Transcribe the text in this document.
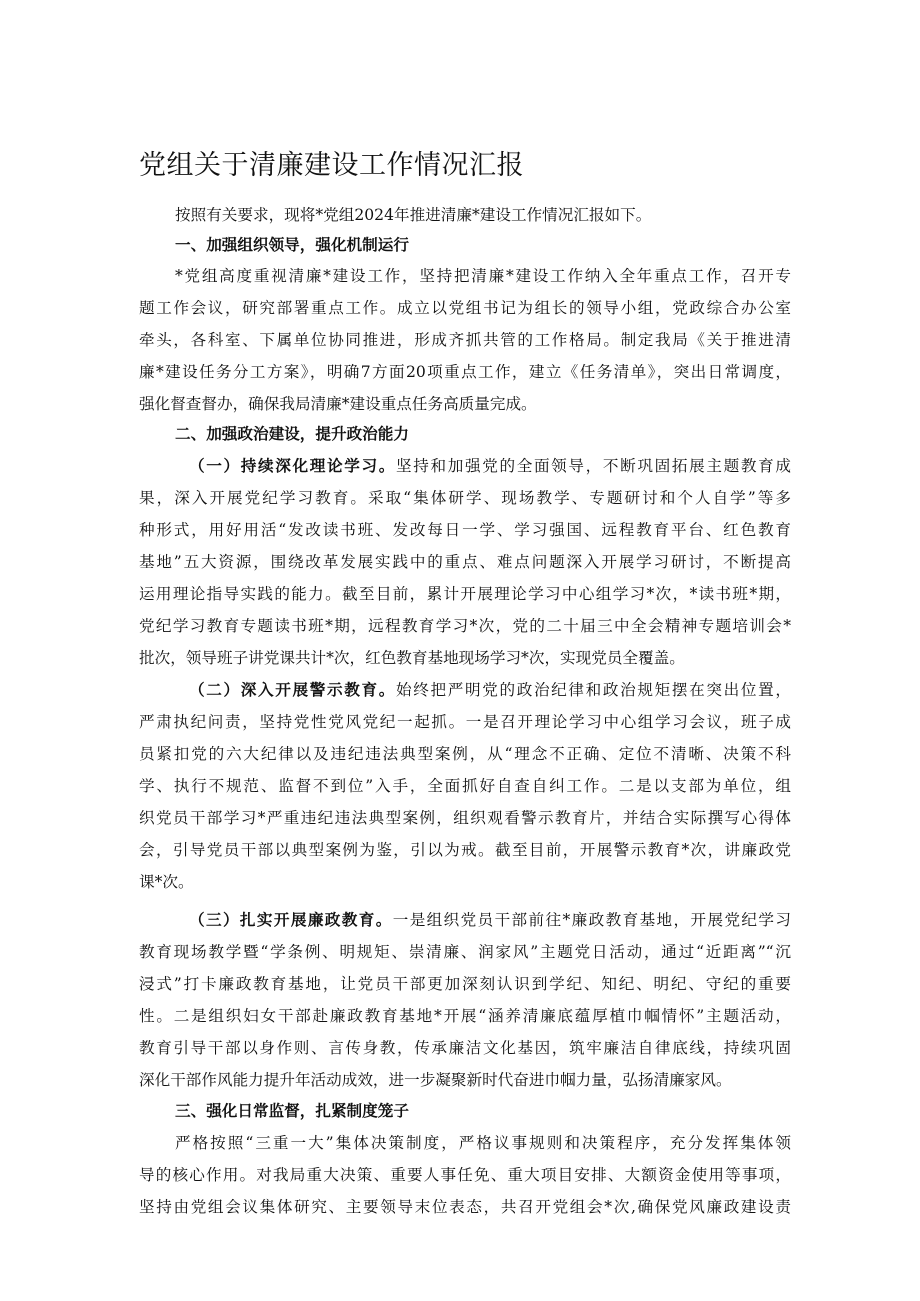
党组关于清廉建设工作情况汇报
按照有关要求，现将*党组2024年推进清廉*建设工作情况汇报如下。
一、加强组织领导，强化机制运行
*党组高度重视清廉*建设工作，坚持把清廉*建设工作纳入全年重点工作，召开专
题工作会议，研究部署重点工作。成立以党组书记为组长的领导小组，党政综合办公室
牵头，各科室、下属单位协同推进，形成齐抓共管的工作格局。制定我局《关于推进清
廉*建设任务分工方案》，明确7方面20项重点工作，建立《任务清单》，突出日常调度，
强化督查督办，确保我局清廉*建设重点任务高质量完成。
二、加强政治建设，提升政治能力
（一）持续深化理论学习。坚持和加强党的全面领导，不断巩固拓展主题教育成
果，深入开展党纪学习教育。采取“集体研学、现场教学、专题研讨和个人自学”等多
种形式，用好用活“发改读书班、发改每日一学、学习强国、远程教育平台、红色教育
基地”五大资源，围绕改革发展实践中的重点、难点问题深入开展学习研讨，不断提高
运用理论指导实践的能力。截至目前，累计开展理论学习中心组学习*次，*读书班*期，
党纪学习教育专题读书班*期，远程教育学习*次，党的二十届三中全会精神专题培训会*
批次，领导班子讲党课共计*次，红色教育基地现场学习*次，实现党员全覆盖。
（二）深入开展警示教育。始终把严明党的政治纪律和政治规矩摆在突出位置，
严肃执纪问责，坚持党性党风党纪一起抓。一是召开理论学习中心组学习会议，班子成
员紧扣党的六大纪律以及违纪违法典型案例，从“理念不正确、定位不清晰、决策不科
学、执行不规范、监督不到位”入手，全面抓好自查自纠工作。二是以支部为单位，组
织党员干部学习*严重违纪违法典型案例，组织观看警示教育片，并结合实际撰写心得体
会，引导党员干部以典型案例为鉴，引以为戒。截至目前，开展警示教育*次，讲廉政党
课*次。
（三）扎实开展廉政教育。一是组织党员干部前往*廉政教育基地，开展党纪学习
教育现场教学暨“学条例、明规矩、崇清廉、润家风”主题党日活动，通过“近距离”“沉
浸式”打卡廉政教育基地，让党员干部更加深刻认识到学纪、知纪、明纪、守纪的重要
性。二是组织妇女干部赴廉政教育基地*开展“涵养清廉底蕴厚植巾帼情怀”主题活动，
教育引导干部以身作则、言传身教，传承廉洁文化基因，筑牢廉洁自律底线，持续巩固
深化干部作风能力提升年活动成效，进一步凝聚新时代奋进巾帼力量，弘扬清廉家风。
三、强化日常监督，扎紧制度笼子
严格按照“三重一大”集体决策制度，严格议事规则和决策程序，充分发挥集体领
导的核心作用。对我局重大决策、重要人事任免、重大项目安排、大额资金使用等事项，
坚持由党组会议集体研究、主要领导末位表态，共召开党组会*次,确保党风廉政建设责
